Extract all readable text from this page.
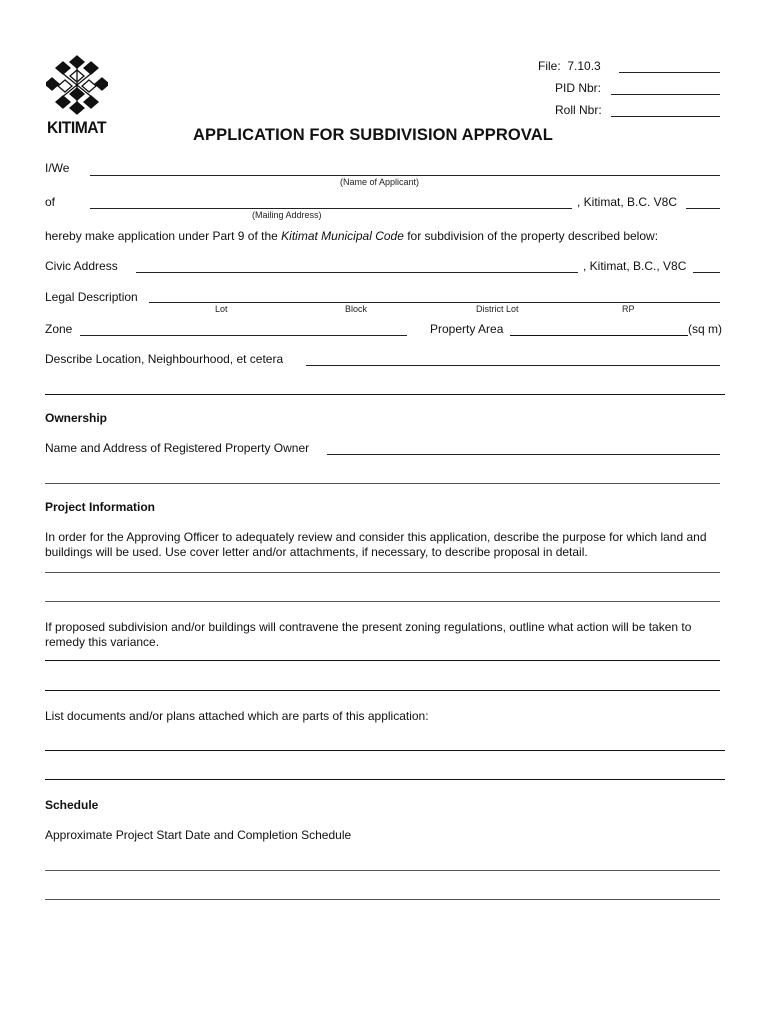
KITIMAT
File: 7.10.3
PID Nbr:
Roll Nbr:
APPLICATION FOR SUBDIVISION APPROVAL
I/We
(Name of Applicant)
of	, Kitimat, B.C. V8C
(Mailing Address)
hereby make application under Part 9 of the Kitimat Municipal Code for subdivision of the property described below:
Civic Address	, Kitimat, B.C., V8C
Legal Description
Lot	Block	District Lot	RP
Zone	Property Area	(sq m)
Describe Location, Neighbourhood, et cetera
Ownership
Name and Address of Registered Property Owner
Project Information
In order for the Approving Officer to adequately review and consider this application, describe the purpose for which land and buildings will be used. Use cover letter and/or attachments, if necessary, to describe proposal in detail.
If proposed subdivision and/or buildings will contravene the present zoning regulations, outline what action will be taken to remedy this variance.
List documents and/or plans attached which are parts of this application:
Schedule
Approximate Project Start Date and Completion Schedule
